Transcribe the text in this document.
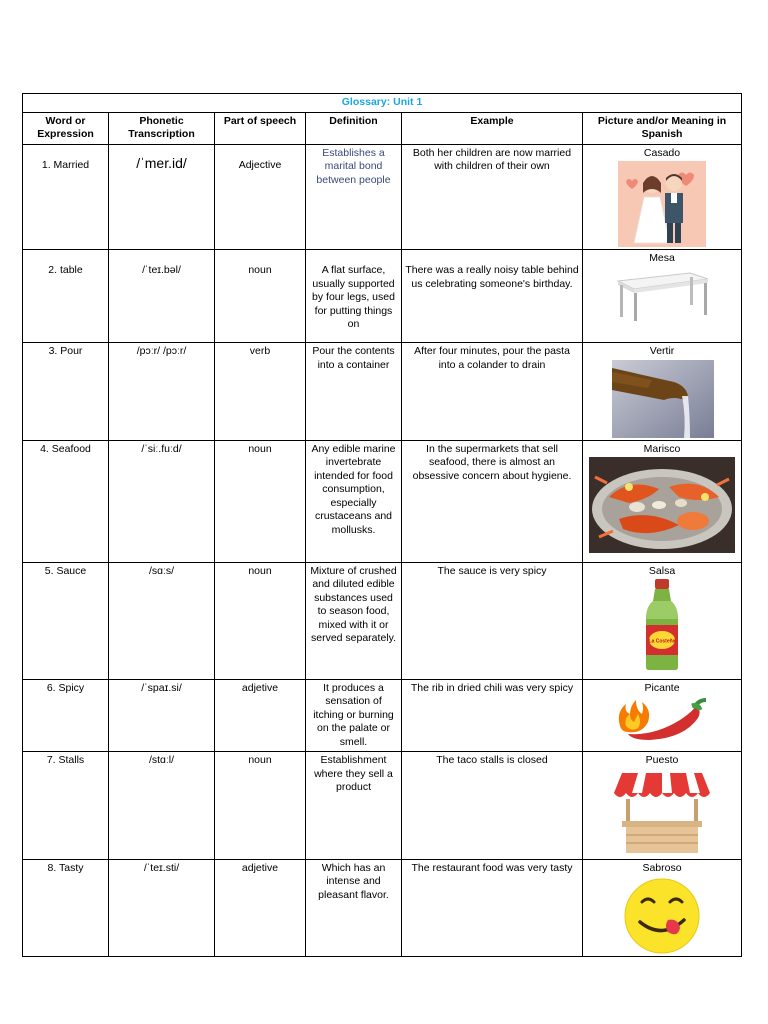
Glossary: Unit 1					
Word or Expression	Phonetic Transcription	Part of speech	Definition	Example	Picture and/or Meaning in Spanish
1. Married	/ˈmer.id/	Adjective	Establishes a marital bond between people	Both her children are now married with children of their own	Casado

2. table	/ˈteɪ.bəl/	noun	A flat surface, usually supported by four legs, used for putting things on	There was a really noisy table behind us celebrating someone's birthday.	Mesa

3. Pour	/pɔːr/ /pɔːr/	verb	Pour the contents into a container	After four minutes, pour the pasta into a colander to drain	Vertir

4. Seafood	/ˈsiː.fuːd/	noun	Any edible marine invertebrate intended for food consumption, especially crustaceans and mollusks.	In the supermarkets that sell seafood, there is almost an obsessive concern about hygiene.	Marisco

5. Sauce	/sɑːs/	noun	Mixture of crushed and diluted edible substances used to season food, mixed with it or served separately.	The sauce is very spicy	Salsa
La Costeña

6. Spicy	/ˈspaɪ.si/	adjetive	It produces a sensation of itching or burning on the palate or smell.	The rib in dried chili was very spicy	Picante

7. Stalls	/stɑːl/	noun	Establishment where they sell a product	The taco stalls is closed	Puesto

8. Tasty	/ˈteɪ.sti/	adjetive	Which has an intense and pleasant flavor.	The restaurant food was very tasty	Sabroso
